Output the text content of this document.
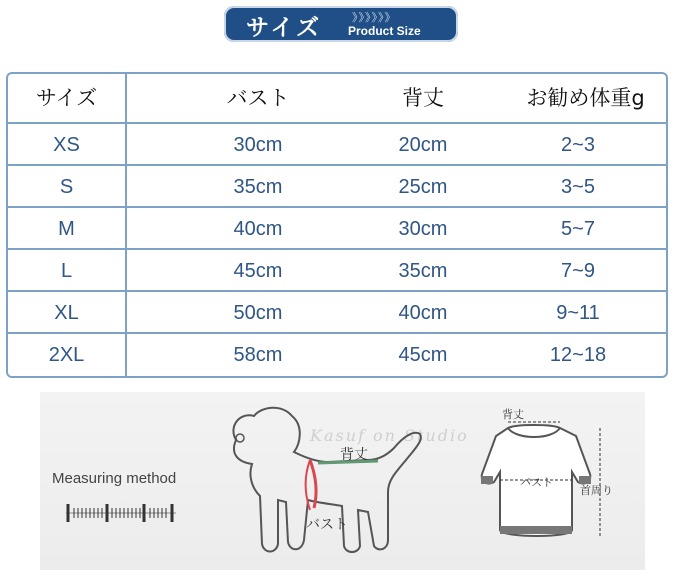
サイズ	》》》》》》
Product Size
サイズ	バスト	背丈	お勧め体重g
XS	30cm	20cm	2~3
S	35cm	25cm	3~5
M	40cm	30cm	5~7
L	45cm	35cm	7~9
XL	50cm	40cm	9~11
2XL	58cm	45cm	12~18
Measuring method
Kasuf on Studio
背丈
バスト
背丈
バスト
首周り
